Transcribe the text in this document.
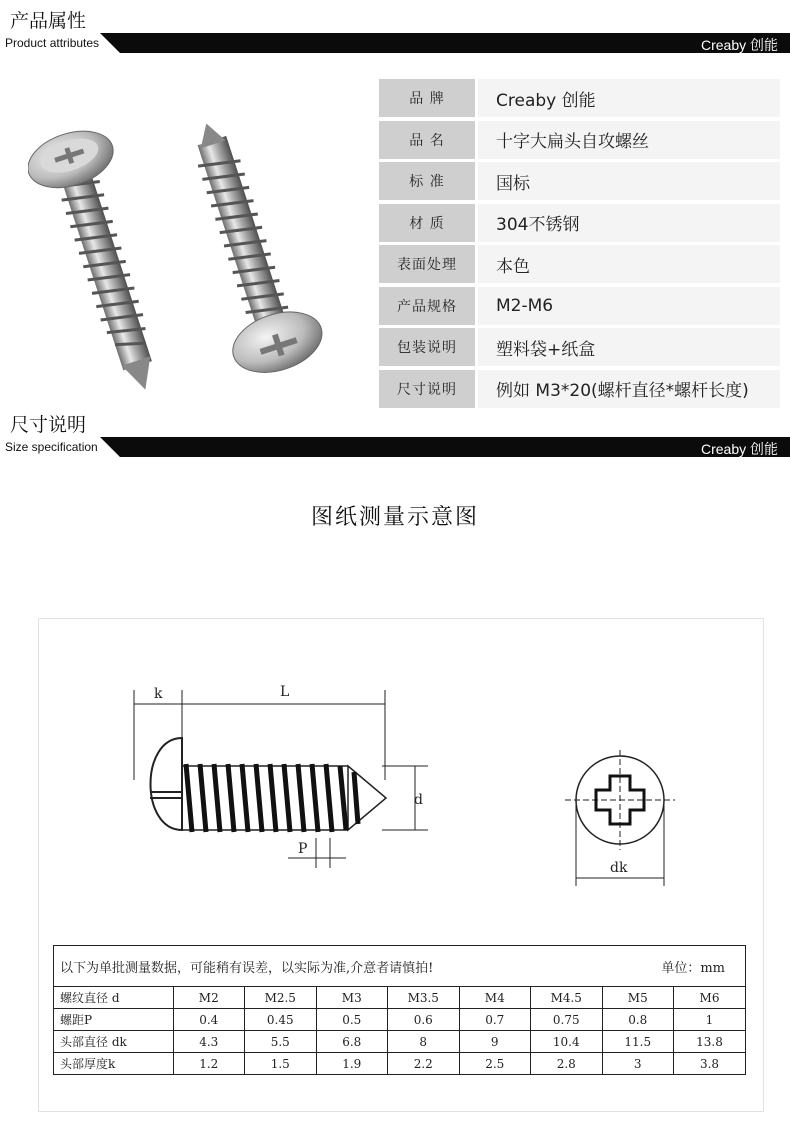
产品属性
Product attributes	Creaby 创能
品 牌	Creaby 创能
品 名	十字大扁头自攻螺丝
标 准	国标
材 质	304不锈钢
表面处理	本色
产品规格	M2-M6
包装说明	塑料袋+纸盒
尺寸说明	例如 M3*20(螺杆直径*螺杆长度)
尺寸说明
Size specification	Creaby 创能
图纸测量示意图
k	L
d
P
dk
以下为单批测量数据，可能稍有误差，以实际为准,介意者请慎拍!	单位：mm
螺纹直径 d	M2	M2.5	M3	M3.5	M4	M4.5	M5	M6
螺距P	0.4	0.45	0.5	0.6	0.7	0.75	0.8	1
头部直径 dk	4.3	5.5	6.8	8	9	10.4	11.5	13.8
头部厚度k	1.2	1.5	1.9	2.2	2.5	2.8	3	3.8
